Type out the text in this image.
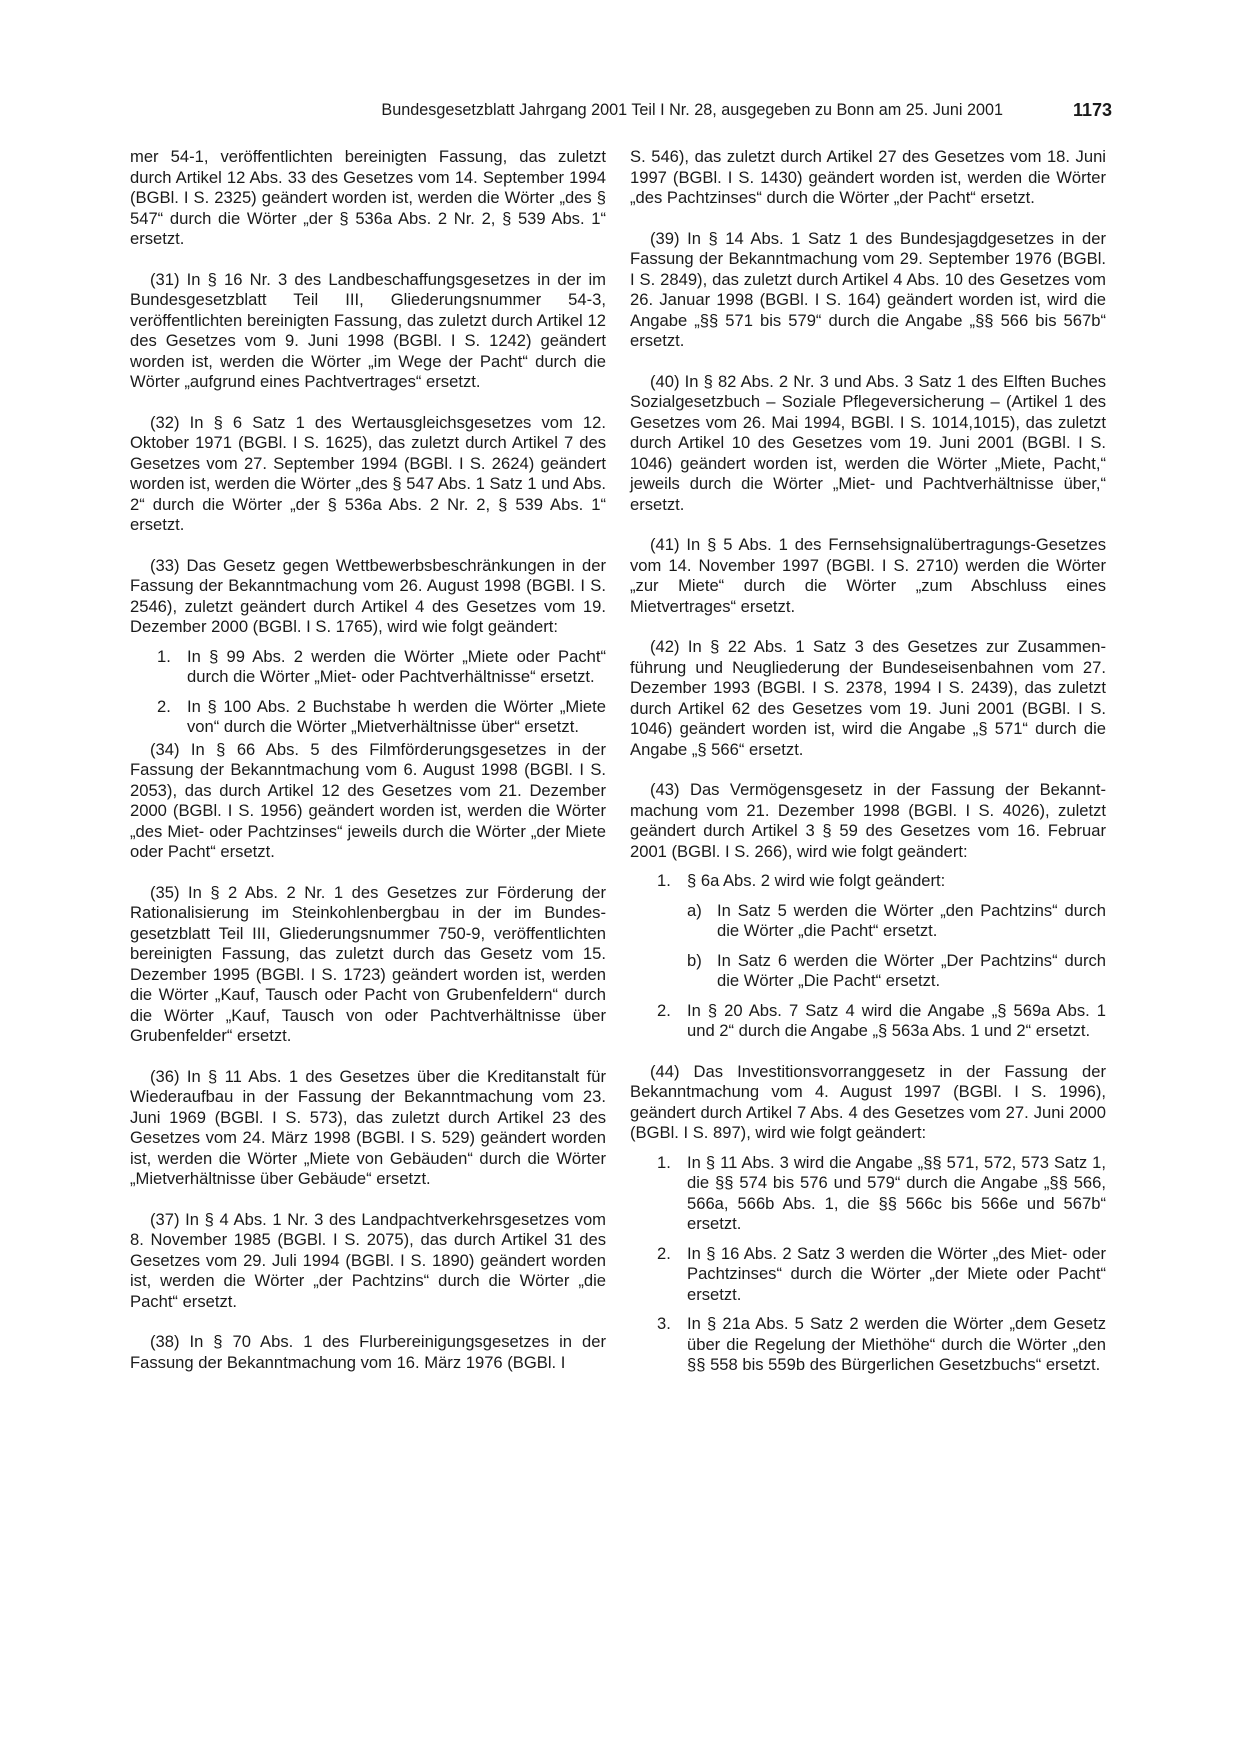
Bundesgesetzblatt Jahrgang 2001 Teil I Nr. 28, ausgegeben zu Bonn am 25. Juni 2001	1173

mer 54-1, veröffentlichten bereinigten Fassung, das zuletzt durch Artikel 12 Abs. 33 des Gesetzes vom 14. September 1994 (BGBl. I S. 2325) geändert worden ist, werden die Wörter „des § 547“ durch die Wörter „der § 536a Abs. 2 Nr. 2, § 539 Abs. 1“ ersetzt.

(31) In § 16 Nr. 3 des Landbeschaffungsgesetzes in der im Bundesgesetzblatt Teil III, Gliederungsnummer 54-3, veröffentlichten bereinigten Fassung, das zuletzt durch Artikel 12 des Gesetzes vom 9. Juni 1998 (BGBl. I S. 1242) geändert worden ist, werden die Wörter „im Wege der Pacht“ durch die Wörter „aufgrund eines Pachtvertrages“ ersetzt.

(32) In § 6 Satz 1 des Wertausgleichsgesetzes vom 12. Oktober 1971 (BGBl. I S. 1625), das zuletzt durch Artikel 7 des Gesetzes vom 27. September 1994 (BGBl. I S. 2624) geändert worden ist, werden die Wörter „des § 547 Abs. 1 Satz 1 und Abs. 2“ durch die Wörter „der § 536a Abs. 2 Nr. 2, § 539 Abs. 1“ ersetzt.

(33) Das Gesetz gegen Wettbewerbsbeschränkungen in der Fassung der Bekanntmachung vom 26. August 1998 (BGBl. I S. 2546), zuletzt geändert durch Artikel 4 des Gesetzes vom 19. Dezember 2000 (BGBl. I S. 1765), wird wie folgt geändert:

1. In § 99 Abs. 2 werden die Wörter „Miete oder Pacht“ durch die Wörter „Miet- oder Pachtverhältnisse“ ersetzt.
2. In § 100 Abs. 2 Buchstabe h werden die Wörter „Miete von“ durch die Wörter „Mietverhältnisse über“ ersetzt.

(34) In § 66 Abs. 5 des Filmförderungsgesetzes in der Fassung der Bekanntmachung vom 6. August 1998 (BGBl. I S. 2053), das durch Artikel 12 des Gesetzes vom 21. Dezember 2000 (BGBl. I S. 1956) geändert worden ist, werden die Wörter „des Miet- oder Pachtzinses“ jeweils durch die Wörter „der Miete oder Pacht“ ersetzt.

(35) In § 2 Abs. 2 Nr. 1 des Gesetzes zur Förderung der Rationalisierung im Steinkohlenbergbau in der im Bundesgesetzblatt Teil III, Gliederungsnummer 750-9, veröffentlichten bereinigten Fassung, das zuletzt durch das Gesetz vom 15. Dezember 1995 (BGBl. I S. 1723) geändert worden ist, werden die Wörter „Kauf, Tausch oder Pacht von Grubenfeldern“ durch die Wörter „Kauf, Tausch von oder Pachtverhältnisse über Grubenfelder“ ersetzt.

(36) In § 11 Abs. 1 des Gesetzes über die Kreditanstalt für Wiederaufbau in der Fassung der Bekanntmachung vom 23. Juni 1969 (BGBl. I S. 573), das zuletzt durch Artikel 23 des Gesetzes vom 24. März 1998 (BGBl. I S. 529) geändert worden ist, werden die Wörter „Miete von Gebäuden“ durch die Wörter „Mietverhältnisse über Gebäude“ ersetzt.

(37) In § 4 Abs. 1 Nr. 3 des Landpachtverkehrsgesetzes vom 8. November 1985 (BGBl. I S. 2075), das durch Artikel 31 des Gesetzes vom 29. Juli 1994 (BGBl. I S. 1890) geändert worden ist, werden die Wörter „der Pachtzins“ durch die Wörter „die Pacht“ ersetzt.

(38) In § 70 Abs. 1 des Flurbereinigungsgesetzes in der Fassung der Bekanntmachung vom 16. März 1976 (BGBl. I

S. 546), das zuletzt durch Artikel 27 des Gesetzes vom 18. Juni 1997 (BGBl. I S. 1430) geändert worden ist, werden die Wörter „des Pachtzinses“ durch die Wörter „der Pacht“ ersetzt.

(39) In § 14 Abs. 1 Satz 1 des Bundesjagdgesetzes in der Fassung der Bekanntmachung vom 29. September 1976 (BGBl. I S. 2849), das zuletzt durch Artikel 4 Abs. 10 des Gesetzes vom 26. Januar 1998 (BGBl. I S. 164) geändert worden ist, wird die Angabe „§§ 571 bis 579“ durch die Angabe „§§ 566 bis 567b“ ersetzt.

(40) In § 82 Abs. 2 Nr. 3 und Abs. 3 Satz 1 des Elften Buches Sozialgesetzbuch – Soziale Pflegeversicherung – (Artikel 1 des Gesetzes vom 26. Mai 1994, BGBl. I S. 1014,1015), das zuletzt durch Artikel 10 des Gesetzes vom 19. Juni 2001 (BGBl. I S. 1046) geändert worden ist, werden die Wörter „Miete, Pacht,“ jeweils durch die Wörter „Miet- und Pachtverhältnisse über,“ ersetzt.

(41) In § 5 Abs. 1 des Fernsehsignalübertragungs-Gesetzes vom 14. November 1997 (BGBl. I S. 2710) werden die Wörter „zur Miete“ durch die Wörter „zum Abschluss eines Mietvertrages“ ersetzt.

(42) In § 22 Abs. 1 Satz 3 des Gesetzes zur Zusammenführung und Neugliederung der Bundeseisenbahnen vom 27. Dezember 1993 (BGBl. I S. 2378, 1994 I S. 2439), das zuletzt durch Artikel 62 des Gesetzes vom 19. Juni 2001 (BGBl. I S. 1046) geändert worden ist, wird die Angabe „§ 571“ durch die Angabe „§ 566“ ersetzt.

(43) Das Vermögensgesetz in der Fassung der Bekanntmachung vom 21. Dezember 1998 (BGBl. I S. 4026), zuletzt geändert durch Artikel 3 § 59 des Gesetzes vom 16. Februar 2001 (BGBl. I S. 266), wird wie folgt geändert:

1. § 6a Abs. 2 wird wie folgt geändert:
a) In Satz 5 werden die Wörter „den Pachtzins“ durch die Wörter „die Pacht“ ersetzt.
b) In Satz 6 werden die Wörter „Der Pachtzins“ durch die Wörter „Die Pacht“ ersetzt.
2. In § 20 Abs. 7 Satz 4 wird die Angabe „§ 569a Abs. 1 und 2“ durch die Angabe „§ 563a Abs. 1 und 2“ ersetzt.

(44) Das Investitionsvorranggesetz in der Fassung der Bekanntmachung vom 4. August 1997 (BGBl. I S. 1996), geändert durch Artikel 7 Abs. 4 des Gesetzes vom 27. Juni 2000 (BGBl. I S. 897), wird wie folgt geändert:

1. In § 11 Abs. 3 wird die Angabe „§§ 571, 572, 573 Satz 1, die §§ 574 bis 576 und 579“ durch die Angabe „§§ 566, 566a, 566b Abs. 1, die §§ 566c bis 566e und 567b“ ersetzt.
2. In § 16 Abs. 2 Satz 3 werden die Wörter „des Miet- oder Pachtzinses“ durch die Wörter „der Miete oder Pacht“ ersetzt.
3. In § 21a Abs. 5 Satz 2 werden die Wörter „dem Gesetz über die Regelung der Miethöhe“ durch die Wörter „den §§ 558 bis 559b des Bürgerlichen Gesetzbuchs“ ersetzt.
